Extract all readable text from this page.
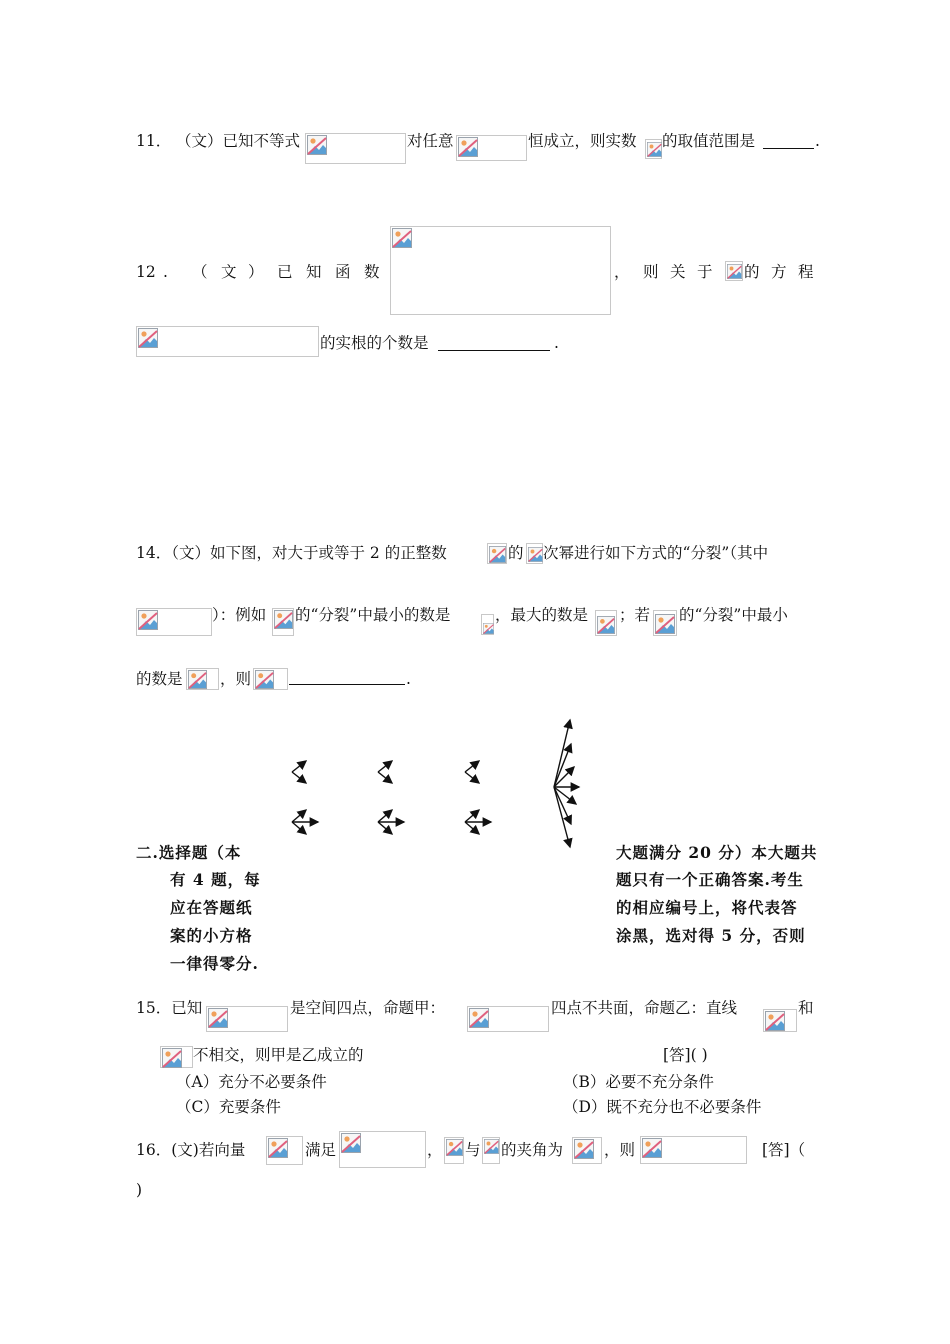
11． （文）已知不等式	对任意	恒成立，则实数 的取值范围是	.
12 . （ 文 ） 已 知 函 数	， 则 关 于 的 方 程
的实根的个数是	.
14．（文）如下图，对大于或等于 2 的正整数	的 次幂进行如下方式的“分裂”（其中
）：例如 的“分裂”中最小的数是	，最大的数是 ；若 的“分裂”中最小
的数是 ，则	.
二.选择题（本
有 4 题，每
应在答题纸
案的小方格
一律得零分.
大题满分 20 分）本大题共
题只有一个正确答案.考生
的相应编号上，将代表答
涂黑，选对得 5 分，否则
15．已知	是空间四点，命题甲：	四点不共面，命题乙：直线	和
不相交，则甲是乙成立的	[答]( )
（A）充分不必要条件	（B）必要不充分条件
（C）充要条件	（D）既不充分也不必要条件
16．(文)若向量	满足	， 与 的夹角为	，则	[答]（
)
